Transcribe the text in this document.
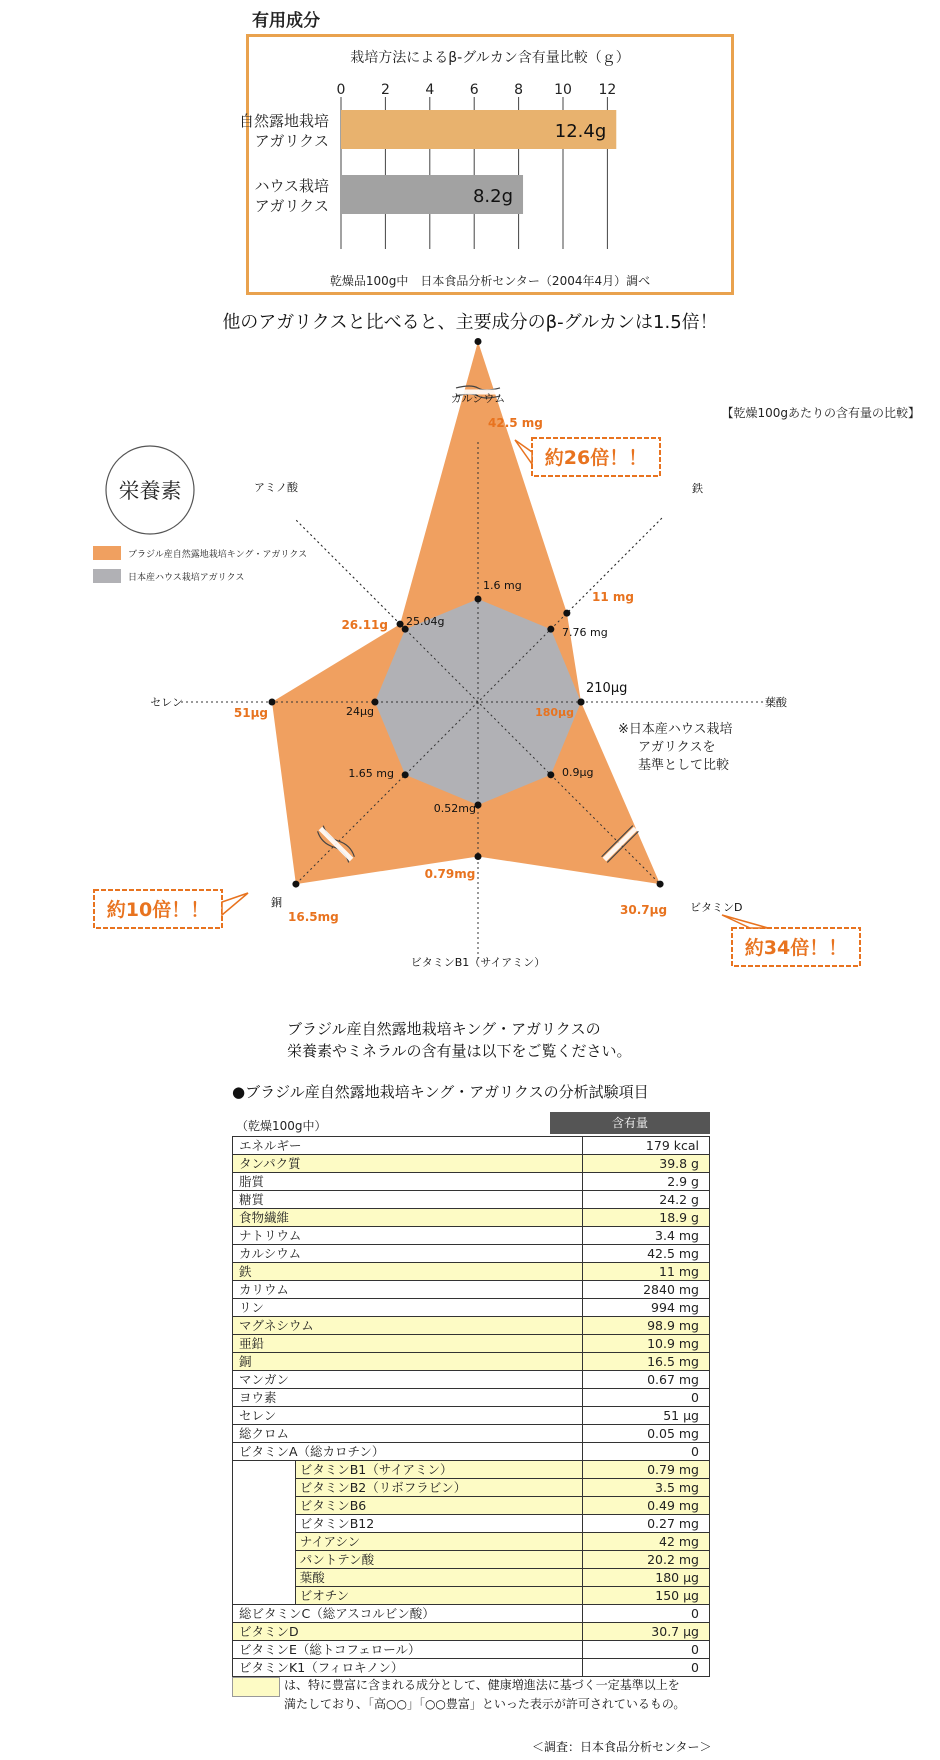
有用成分
栽培方法によるβ-グルカン含有量比較（ｇ）
0	2	4	6	8 10 12
12.4g
自然露地栽培
アガリクス
8.2g
ハウス栽培
アガリクス
乾燥品100g中　日本食品分析センター（2004年4月）調べ
他のアガリクスと比べると、主要成分のβ-グルカンは1.5倍！
カルシウム
鉄
葉酸
ビタミンD
ビタミンB1（サイアミン）
銅
セレン
アミノ酸
42.5 mg
11 mg
210μg
30.7μg
0.79mg
16.5mg
51μg
26.11g
1.6 mg
7.76 mg
180μg
0.9μg
0.52mg
1.65 mg
24μg
25.04g
栄養素
ブラジル産自然露地栽培キング・アガリクス
日本産ハウス栽培アガリクス
【乾燥100gあたりの含有量の比較】
※日本産ハウス栽培
アガリクスを
基準として比較
約26倍！！
約34倍！！
約10倍！！
ブラジル産自然露地栽培キング・アガリクスの
栄養素やミネラルの含有量は以下をご覧ください。
●ブラジル産自然露地栽培キング・アガリクスの分析試験項目
（乾燥100g中）	含有量
エネルギー		179 kcal
タンパク質		39.8 g
脂質		2.9 g
糖質		24.2 g
食物繊維		18.9 g
ナトリウム		3.4 mg
カルシウム		42.5 mg
鉄		11 mg
カリウム		2840 mg
リン		994 mg
マグネシウム		98.9 mg
亜鉛		10.9 mg
銅		16.5 mg
マンガン		0.67 mg
ヨウ素		0
セレン		51 μg
総クロム		0.05 mg
ビタミンA（総カロチン）		0
	ビタミンB1（サイアミン）	0.79 mg
	ビタミンB2（リボフラビン）	3.5 mg
	ビタミンB6	0.49 mg
	ビタミンB12	0.27 mg
	ナイアシン	42 mg
	パントテン酸	20.2 mg
	葉酸	180 μg
	ビオチン	150 μg
総ビタミンC（総アスコルビン酸）		0
ビタミンD		30.7 μg
ビタミンE（総トコフェロール）		0
ビタミンK1（フィロキノン）		0
は、特に豊富に含まれる成分として、健康増進法に基づく一定基準以上を
満たしており、「高○○」「○○豊富」といった表示が許可されているもの。
＜調査：日本食品分析センター＞
